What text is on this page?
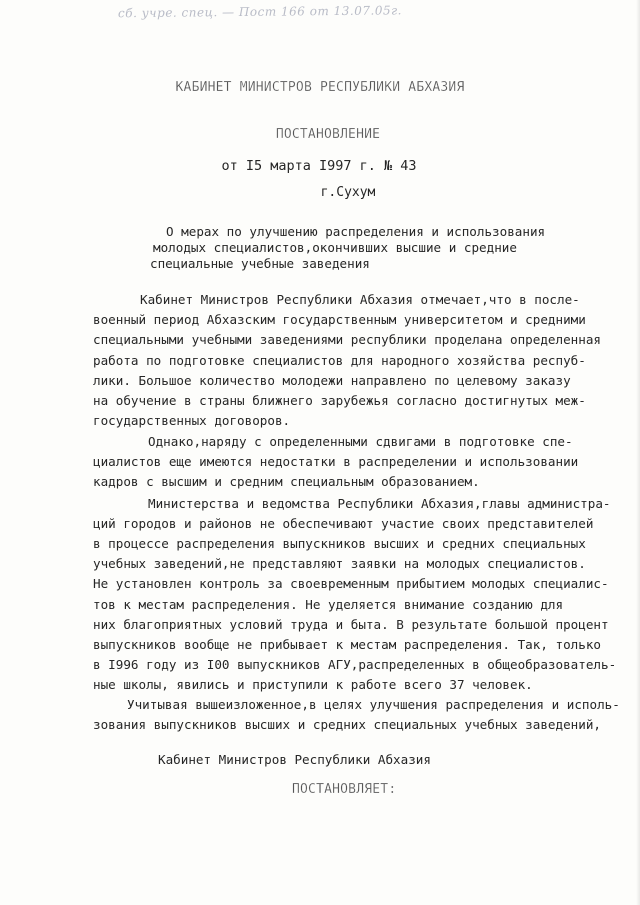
сб. учре. спец. — Пост 166 от 13.07.05г.
КАБИНЕТ МИНИСТРОВ РЕСПУБЛИКИ АБХАЗИЯ
ПОСТАНОВЛЕНИЕ
от I5 марта I997 г. № 43
г.Сухум
О мерах по улучшению распределения и использования
молодых специалистов,окончивших высшие и средние
специальные учебные заведения
Кабинет Министров Республики Абхазия отмечает,что в после-
военный период Абхазским государственным университетом и средними
специальными учебными заведениями республики проделана определенная
работа по подготовке специалистов для народного хозяйства респуб-
лики. Большое количество молодежи направлено по целевому заказу
на обучение в страны ближнего зарубежья согласно достигнутых меж-
государственных договоров.
Однако,наряду с определенными сдвигами в подготовке спе-
циалистов еще имеются недостатки в распределении и использовании
кадров с высшим и средним специальным образованием.
Министерства и ведомства Республики Абхазия,главы администра-
ций городов и районов не обеспечивают участие своих представителей
в процессе распределения выпускников высших и средних специальных
учебных заведений,не представляют заявки на молодых специалистов.
Не установлен контроль за своевременным прибытием молодых специалис-
тов к местам распределения. Не уделяется внимание созданию для
них благоприятных условий труда и быта. В результате большой процент
выпускников вообще не прибывает к местам распределения. Так, только
в I996 году из I00 выпускников АГУ,распределенных в общеобразователь-
ные школы, явились и приступили к работе всего 37 человек.
Учитывая вышеизложенное,в целях улучшения распределения и исполь-
зования выпускников высших и средних специальных учебных заведений,
Кабинет Министров Республики Абхазия
ПОСТАНОВЛЯЕТ:
